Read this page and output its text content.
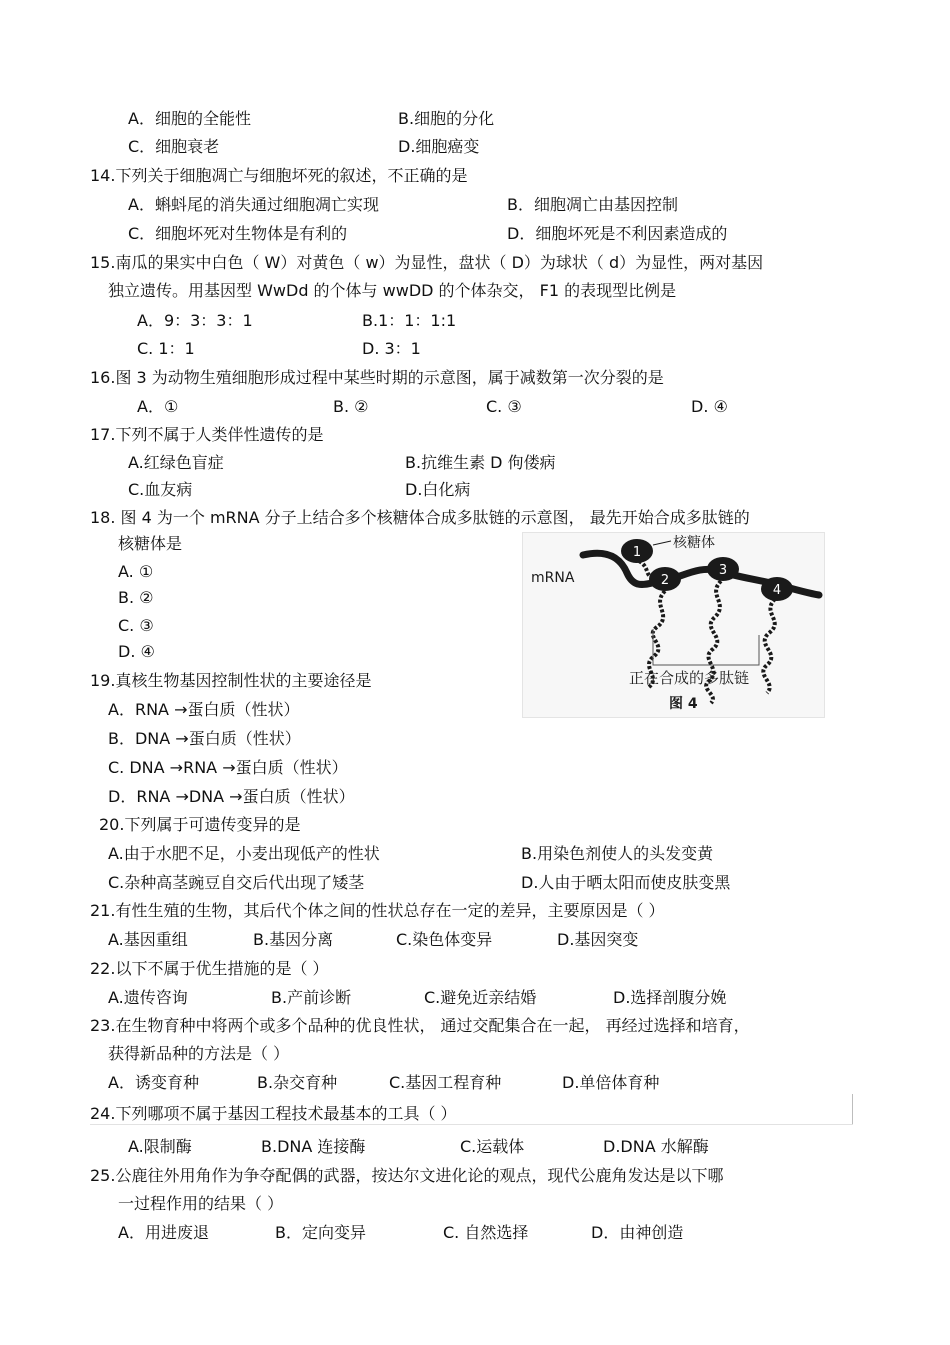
A．细胞的全能性	B.细胞的分化
C．细胞衰老	D.细胞癌变
14.下列关于细胞凋亡与细胞坏死的叙述，不正确的是
A．蝌蚪尾的消失通过细胞凋亡实现	B．细胞凋亡由基因控制
C．细胞坏死对生物体是有利的	D．细胞坏死是不利因素造成的
15.南瓜的果实中白色（ W）对黄色（ w）为显性，盘状（ D）为球状（ d）为显性，两对基因
独立遗传。用基因型 WwDd 的个体与 wwDD 的个体杂交， F1 的表现型比例是
A．9：3：3：1	B.1：1：1:1
C. 1：1	D. 3：1
16.图 3 为动物生殖细胞形成过程中某些时期的示意图，属于减数第一次分裂的是
A．①	B. ②	C. ③	D. ④
17.下列不属于人类伴性遗传的是
A.红绿色盲症	B.抗维生素 D 佝偻病
C.血友病	D.白化病
18. 图 4 为一个 mRNA 分子上结合多个核糖体合成多肽链的示意图， 最先开始合成多肽链的
核糖体是
A. ①
B. ②
C. ③
D. ④
19.真核生物基因控制性状的主要途径是
A．RNA →蛋白质（性状）
B．DNA →蛋白质（性状）
C. DNA →RNA →蛋白质（性状）
D．RNA →DNA →蛋白质（性状）
20.下列属于可遗传变异的是
A.由于水肥不足，小麦出现低产的性状	B.用染色剂使人的头发变黄
C.杂种高茎豌豆自交后代出现了矮茎	D.人由于晒太阳而使皮肤变黑
21.有性生殖的生物，其后代个体之间的性状总存在一定的差异，主要原因是（ ）
A.基因重组	B.基因分离	C.染色体变异	D.基因突变
22.以下不属于优生措施的是（ ）
A.遗传咨询	B.产前诊断	C.避免近亲结婚	D.选择剖腹分娩
23.在生物育种中将两个或多个品种的优良性状， 通过交配集合在一起， 再经过选择和培育，
获得新品种的方法是（ ）
A．诱变育种	B.杂交育种	C.基因工程育种	D.单倍体育种
24.下列哪项不属于基因工程技术最基本的工具（ ）
A.限制酶	B.DNA 连接酶	C.运载体	D.DNA 水解酶
25.公鹿往外用角作为争夺配偶的武器，按达尔文进化论的观点，现代公鹿角发达是以下哪
一过程作用的结果（ ）
A．用进废退	B．定向变异	C. 自然选择	D．由神创造
1
2
3
4
核糖体
mRNA
正在合成的多肽链
图 4
